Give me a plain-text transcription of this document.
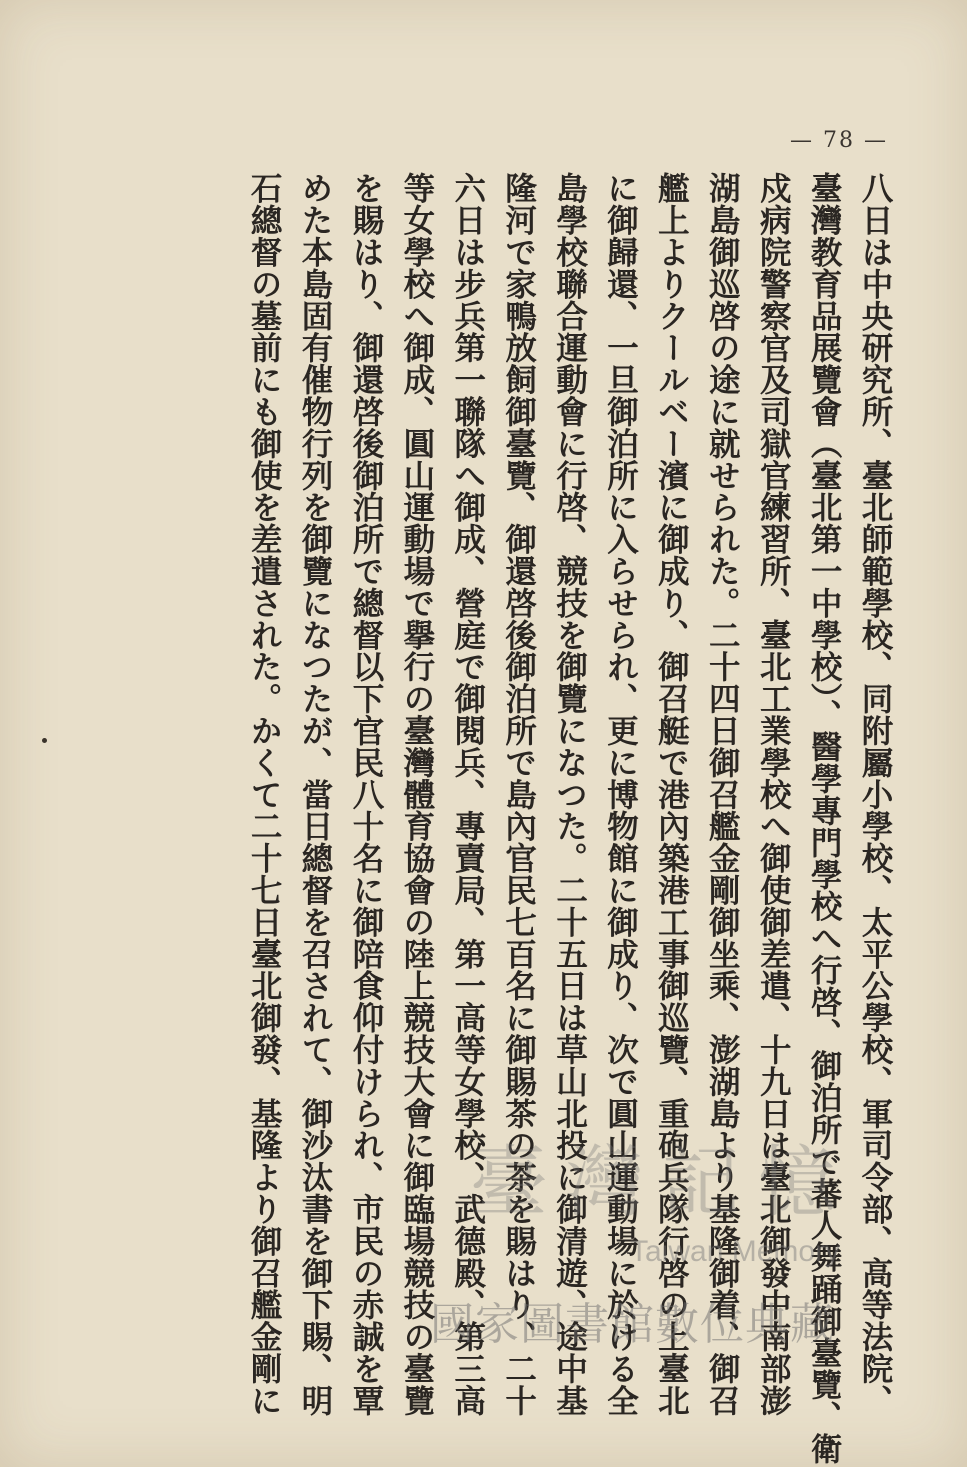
— 78 —
八日は中央研究所、臺北師範學校、同附屬小學校、太平公學校、軍司令部、高等法院、
臺灣教育品展覽會（臺北第一中學校）、醫學專門學校へ行啓、御泊所で蕃人舞踊御臺覽、衛
戍病院警察官及司獄官練習所、臺北工業學校へ御使御差遣、十九日は臺北御發中南部澎
湖島御巡啓の途に就せられた。二十四日御召艦金剛御坐乘、澎湖島より基隆御着、御召
艦上よりクールベー濱に御成り、御召艇で港內築港工事御巡覽、重砲兵隊行啓の上臺北
に御歸還、一旦御泊所に入らせられ、更に博物館に御成り、次で圓山運動場に於ける全
島學校聯合運動會に行啓、競技を御覽になつた。二十五日は草山北投に御清遊、途中基
隆河で家鴨放飼御臺覽、御還啓後御泊所で島內官民七百名に御賜茶の茶を賜はり、二十
六日は步兵第一聯隊へ御成、營庭で御閱兵、專賣局、第一高等女學校、武德殿、第三高
等女學校へ御成、圓山運動場で擧行の臺灣體育協會の陸上競技大會に御臨場競技の臺覽
を賜はり、御還啓後御泊所で總督以下官民八十名に御陪食仰付けられ、市民の赤誠を覃
めた本島固有催物行列を御覽になつたが、當日總督を召されて、御沙汰書を御下賜、明
石總督の墓前にも御使を差遣された。かくて二十七日臺北御發、基隆より御召艦金剛に 臺灣記憶
Taiwan Memory
國家圖書館數位典藏
